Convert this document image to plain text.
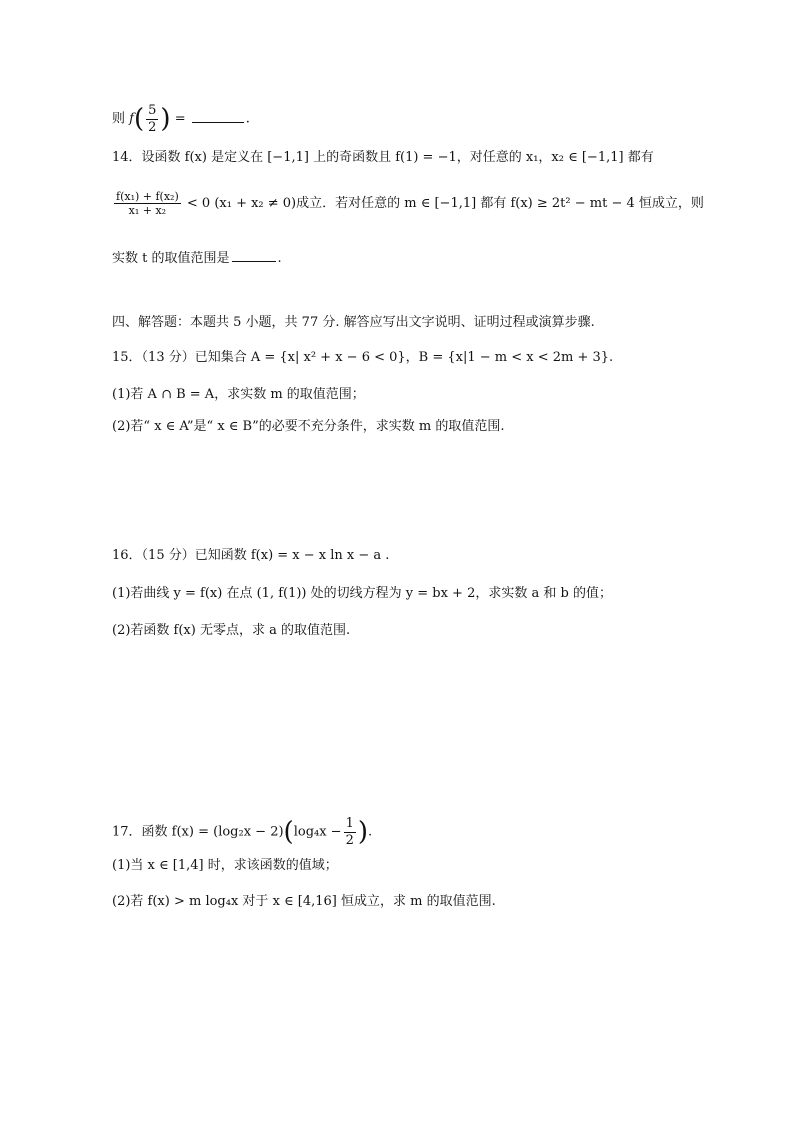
则 $f( \frac{5}{2}$ ) =	.
14．设函数 f(x) 是定义在 [−1,1] 上的奇函数且 f(1) = −1，对任意的 x₁，x₂ ∈ [−1,1] 都有
$\frac{\text{f(x₁) + f(x₂)}}{\text{x₁ + x₂}} < 0$ (x₁ + x₂ ≠ 0)成立．若对任意的 m ∈ [−1,1] 都有 f(x) ≥ 2t² − mt − 4 恒成立，则
实数 t 的取值范围是	.
四、解答题：本题共 5 小题，共 77 分. 解答应写出文字说明、证明过程或演算步骤.
15．（13 分）已知集合 A = {x| x² + x − 6 < 0}，B = {x|1 − m < x < 2m + 3}.
(1)若 A ∩ B = A，求实数 m 的取值范围；
(2)若“ x ∈ A”是“ x ∈ B”的必要不充分条件，求实数 m 的取值范围.
16．（15 分）已知函数 f(x) = x − x ln x − a .
(1)若曲线 y = f(x) 在点 (1, f(1)) 处的切线方程为 y = bx + 2，求实数 a 和 b 的值；
(2)若函数 f(x) 无零点，求 a 的取值范围.
17．函数 $f(x) = (\log_2x - 2)(\log_4x - \frac{1}{2}$ ).
(1)当 x ∈ [1,4] 时，求该函数的值域；
(2)若 f(x) > m log₄x 对于 x ∈ [4,16] 恒成立，求 m 的取值范围.
